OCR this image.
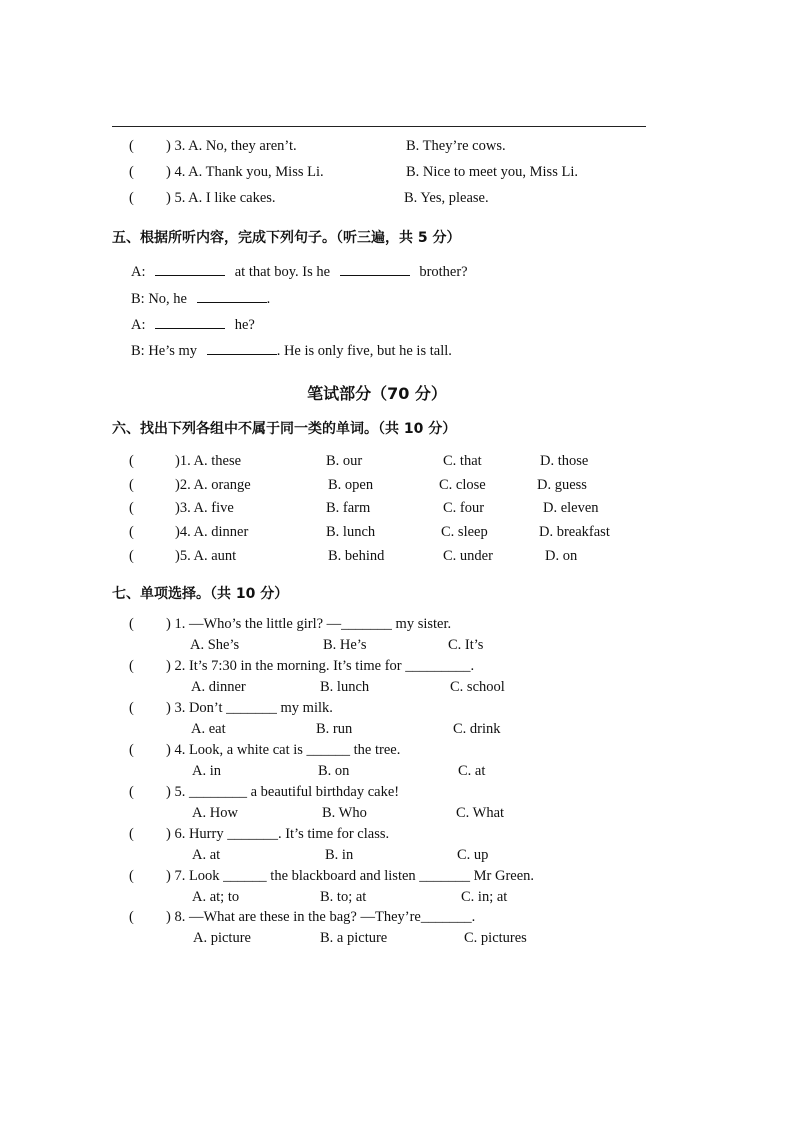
( ) 3. A. No, they aren’t.	B. They’re cows.
( ) 4. A. Thank you, Miss Li.	B. Nice to meet you, Miss Li.
( ) 5. A. I like cakes.	B. Yes, please.
五、根据所听内容，完成下列句子。（听三遍，共 5 分）
A:	at that boy. Is he	brother?
B: No, he	.
A:	he?
B: He’s my	. He is only five, but he is tall.
笔试部分（70 分）
六、找出下列各组中不属于同一类的单词。（共 10 分）
(	)1. A. these	B. our	C. that	D. those
(	)2. A. orange	B. open	C. close	D. guess
(	)3. A. five	B. farm	C. four	D. eleven
(	)4. A. dinner	B. lunch	C. sleep	D. breakfast
(	)5. A. aunt	B. behind	C. under	D. on
七、单项选择。（共 10 分）
( ) 1. —Who’s the little girl? —_______ my sister.
A. She’s	B. He’s	C. It’s
( ) 2. It’s 7:30 in the morning. It’s time for _________.
A. dinner	B. lunch	C. school
( ) 3. Don’t _______ my milk.
A. eat	B. run	C. drink
( ) 4. Look, a white cat is ______ the tree.
A. in	B. on	C. at
( ) 5. ________ a beautiful birthday cake!
A. How	B. Who	C. What
( ) 6. Hurry _______. It’s time for class.
A. at	B. in	C. up
( ) 7. Look ______ the blackboard and listen _______ Mr Green.
A. at; to	B. to; at	C. in; at
( ) 8. —What are these in the bag? —They’re_______.
A. picture	B. a picture	C. pictures
